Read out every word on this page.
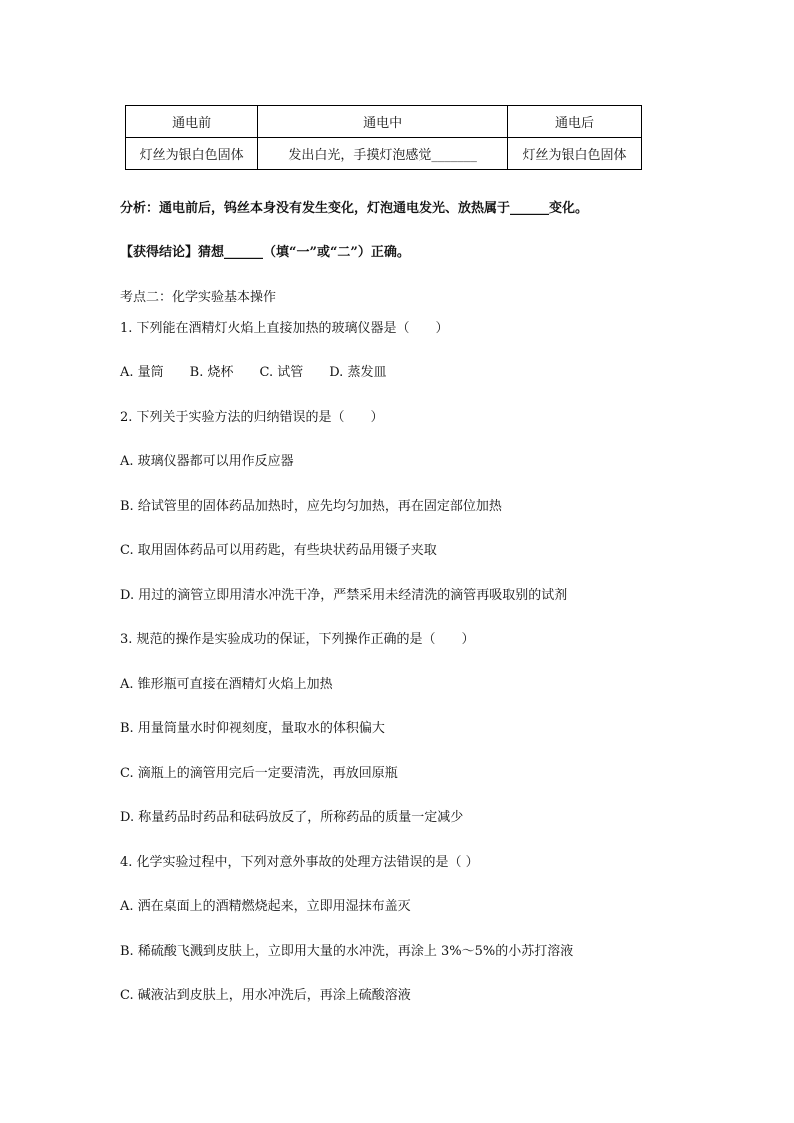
通电前	通电中	通电后
灯丝为银白色固体	发出白光，手摸灯泡感觉_______	灯丝为银白色固体

分析：通电前后，钨丝本身没有发生变化，灯泡通电发光、放热属于______变化。

【获得结论】猜想______（填“一”或“二”）正确。

考点二：化学实验基本操作

1. 下列能在酒精灯火焰上直接加热的玻璃仪器是（　　）

A. 量筒　　B. 烧杯　　C. 试管　　D. 蒸发皿

2. 下列关于实验方法的归纳错误的是（　　）

A. 玻璃仪器都可以用作反应器

B. 给试管里的固体药品加热时，应先均匀加热，再在固定部位加热

C. 取用固体药品可以用药匙，有些块状药品用镊子夹取

D. 用过的滴管立即用清水冲洗干净，严禁采用未经清洗的滴管再吸取别的试剂

3. 规范的操作是实验成功的保证，下列操作正确的是（　　）

A. 锥形瓶可直接在酒精灯火焰上加热

B. 用量筒量水时仰视刻度，量取水的体积偏大

C. 滴瓶上的滴管用完后一定要清洗，再放回原瓶

D. 称量药品时药品和砝码放反了，所称药品的质量一定减少

4. 化学实验过程中，下列对意外事故的处理方法错误的是（ ）

A. 洒在桌面上的酒精燃烧起来，立即用湿抹布盖灭

B. 稀硫酸飞溅到皮肤上，立即用大量的水冲洗，再涂上 3%～5%的小苏打溶液

C. 碱液沾到皮肤上，用水冲洗后，再涂上硫酸溶液
